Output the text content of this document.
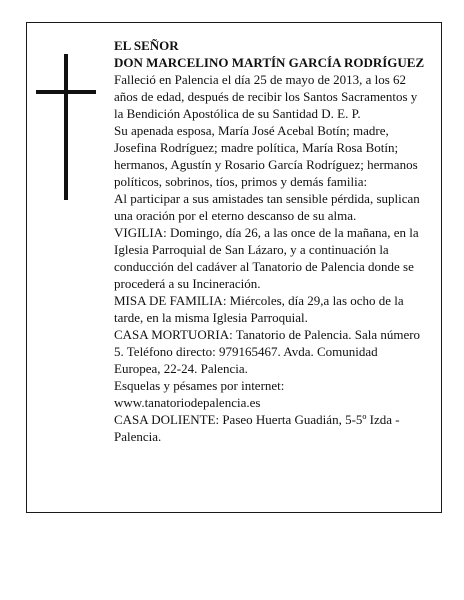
EL SEÑOR

DON MARCELINO MARTÍN GARCÍA RODRÍGUEZ

Falleció en Palencia el día 25 de mayo de 2013, a los 62 años de edad, después de recibir los Santos Sacramentos y la Bendición Apostólica de su Santidad D. E. P.

Su apenada esposa, María José Acebal Botín; madre, Josefina Rodríguez; madre política, María Rosa Botín; hermanos, Agustín y Rosario García Rodríguez; hermanos políticos, sobrinos, tíos, primos y demás familia:

Al participar a sus amistades tan sensible pérdida, suplican una oración por el eterno descanso de su alma.

VIGILIA: Domingo, día 26, a las once de la mañana, en la Iglesia Parroquial de San Lázaro, y a continuación la conducción del cadáver al Tanatorio de Palencia donde se procederá a su Incineración.

MISA DE FAMILIA: Miércoles, día 29,a las ocho de la tarde, en la misma Iglesia Parroquial.

CASA MORTUORIA: Tanatorio de Palencia. Sala número 5. Teléfono directo: 979165467. Avda. Comunidad Europea, 22-24. Palencia.

Esquelas y pésames por internet: www.tanatoriodepalencia.es

CASA DOLIENTE: Paseo Huerta Guadián, 5-5º Izda - Palencia.
